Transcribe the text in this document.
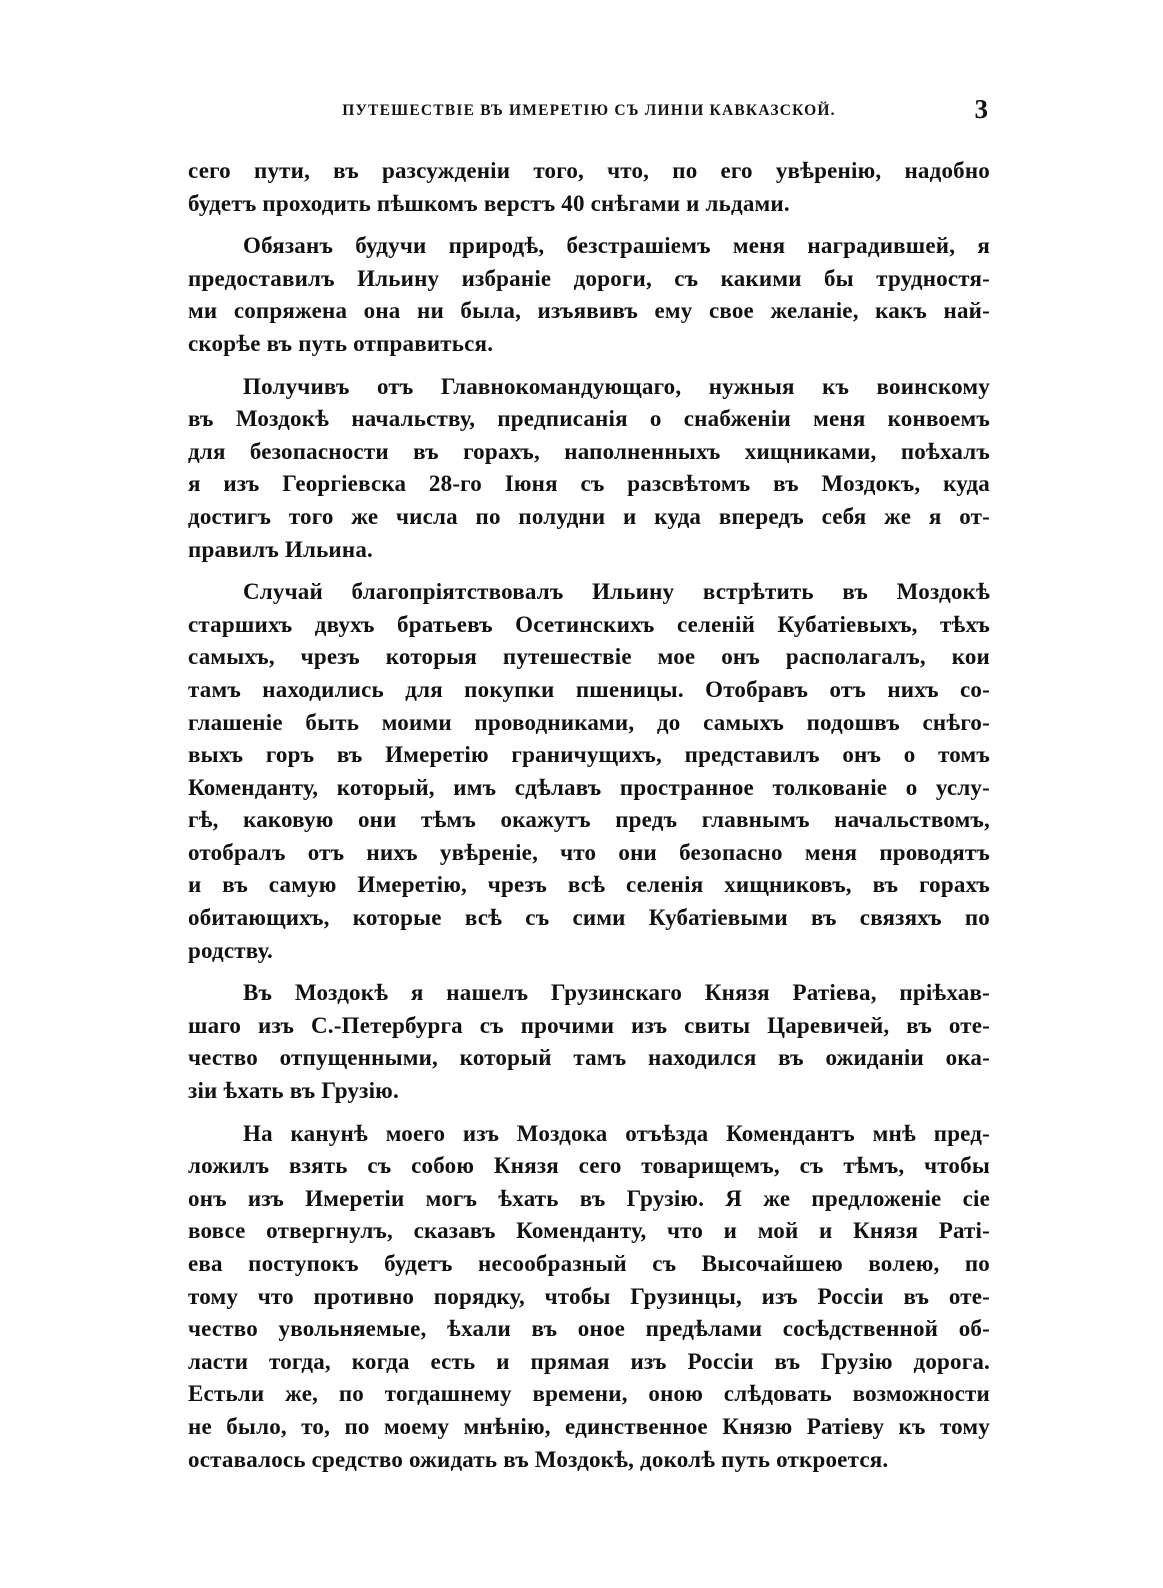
ПУТЕШЕСТВІЕ ВЪ ИМЕРЕТІЮ СЪ ЛИНІИ КАВКАЗСКОЙ.	3
сего пути, въ разсужденіи того, что, по его увѣренію, надобно
будетъ проходить пѣшкомъ верстъ 40 снѣгами и льдами.
Обязанъ будучи природѣ, безстрашіемъ меня наградившей, я
предоставилъ Ильину избраніе дороги, съ какими бы трудностя-
ми сопряжена она ни была, изъявивъ ему свое желаніе, какъ най-
скорѣе въ путь отправиться.
Получивъ отъ Главнокомандующаго, нужныя къ воинскому
въ Моздокѣ начальству, предписанія о снабженіи меня конвоемъ
для безопасности въ горахъ, наполненныхъ хищниками, поѣхалъ
я изъ Георгіевска 28-го Іюня съ разсвѣтомъ въ Моздокъ, куда
достигъ того же числа по полудни и куда впередъ себя же я от-
правилъ Ильина.
Случай благопріятствовалъ Ильину встрѣтить въ Моздокѣ
старшихъ двухъ братьевъ Осетинскихъ селеній Кубатіевыхъ, тѣхъ
самыхъ, чрезъ которыя путешествіе мое онъ располагалъ, кои
тамъ находились для покупки пшеницы. Отобравъ отъ нихъ со-
глашеніе быть моими проводниками, до самыхъ подошвъ снѣго-
выхъ горъ въ Имеретію граничущихъ, представилъ онъ о томъ
Коменданту, который, имъ сдѣлавъ пространное толкованіе о услу-
гѣ, каковую они тѣмъ окажутъ предъ главнымъ начальствомъ,
отобралъ отъ нихъ увѣреніе, что они безопасно меня проводятъ
и въ самую Имеретію, чрезъ всѣ селенія хищниковъ, въ горахъ
обитающихъ, которые всѣ съ сими Кубатіевыми въ связяхъ по
родству.
Въ Моздокѣ я нашелъ Грузинскаго Князя Ратіева, пріѣхав-
шаго изъ С.-Петербурга съ прочими изъ свиты Царевичей, въ оте-
чество отпущенными, который тамъ находился въ ожиданіи ока-
зіи ѣхать въ Грузію.
На канунѣ моего изъ Моздока отъѣзда Комендантъ мнѣ пред-
ложилъ взять съ собою Князя сего товарищемъ, съ тѣмъ, чтобы
онъ изъ Имеретіи могъ ѣхать въ Грузію. Я же предложеніе сіе
вовсе отвергнулъ, сказавъ Коменданту, что и мой и Князя Раті-
ева поступокъ будетъ несообразный съ Высочайшею волею, по
тому что противно порядку, чтобы Грузинцы, изъ Россіи въ оте-
чество увольняемые, ѣхали въ оное предѣлами сосѣдственной об-
ласти тогда, когда есть и прямая изъ Россіи въ Грузію дорога.
Естьли же, по тогдашнему времени, оною слѣдовать возможности
не было, то, по моему мнѣнію, единственное Князю Ратіеву къ тому
оставалось средство ожидать въ Моздокѣ, доколѣ путь откроется.
